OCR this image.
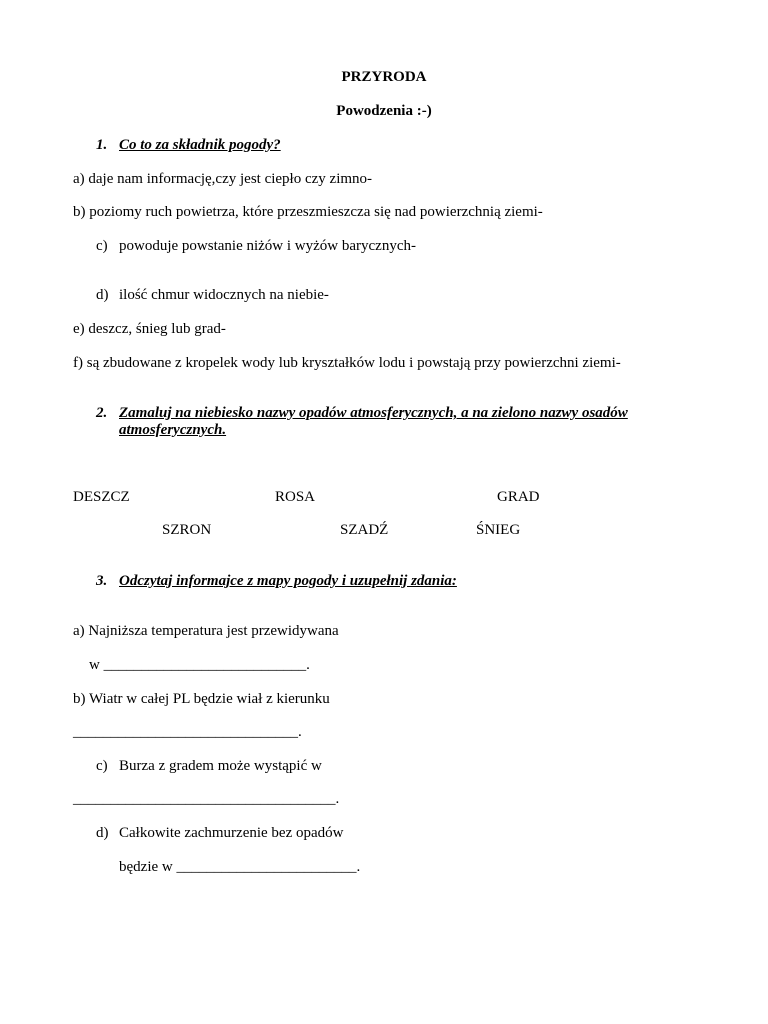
PRZYRODA
Powodzenia :-)
1. Co to za składnik pogody?
a) daje nam informację,czy jest ciepło czy zimno-
b) poziomy ruch powietrza, które przeszmieszcza się nad powierzchnią ziemi-
c) powoduje powstanie niżów i wyżów barycznych-
d) ilość chmur widocznych na niebie-
e) deszcz, śnieg lub grad-
f) są zbudowane z kropelek wody lub kryształków lodu i powstają przy powierzchni ziemi-
2. Zamaluj na niebiesko nazwy opadów atmosferycznych, a na zielono nazwy osadów
atmosferycznych.
DESZCZ	ROSA	GRAD
SZRON	SZADŹ	ŚNIEG
3. Odczytaj informajce z mapy pogody i uzupełnij zdania:
a) Najniższa temperatura jest przewidywana
w ___________________________.
b) Wiatr w całej PL będzie wiał z kierunku
______________________________.
c) Burza z gradem może wystąpić w
___________________________________.
d) Całkowite zachmurzenie bez opadów
będzie w ________________________.
